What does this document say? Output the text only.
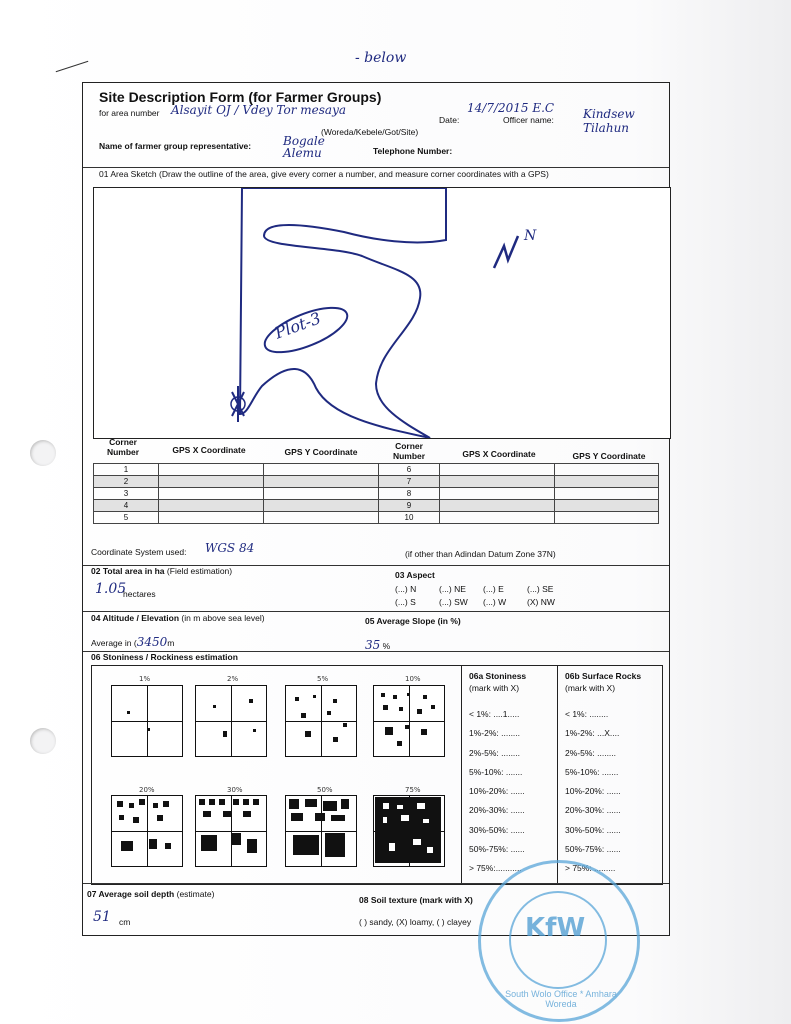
- below
Site Description Form (for Farmer Groups)
for area number Alsayit OJ / Vdey Tor mesaya
(Woreda/Kebele/Got/Site)
Date:
14/7/2015 E.C
Officer name: Kindsew Tilahun
Name of farmer group representative:	Bogale Alemu	Telephone Number:
01 Area Sketch (Draw the outline of the area, give every corner a number, and measure corner coordinates with a GPS)
Plot-3
N
Corner Number	GPS X Coordinate	GPS Y Coordinate
Corner Number	GPS X Coordinate	GPS Y Coordinate
1			6		
2			7		
3			8		
4			9		
5			10		
Coordinate System used: WGS 84	(if other than Adindan Datum Zone 37N)
02 Total area in ha (Field estimation)
1.05
hectares
03 Aspect
(...) N	(...) NE (...) E	(...) SE
(...) S	(...) SW (...) W (X) NW
04 Altitude / Elevation (in m above sea level)
Average in (3450m
05 Average Slope (in %)
35 %
06 Stoniness / Rockiness estimation
1%	2%	5%	10%
20%	30%	50%	75%
06a Stoniness
(mark with X)
06b Surface Rocks
(mark with X)
< 1%: ....1.....
1%-2%: ........
2%-5%: ........
5%-10%: .......
10%-20%: ......
20%-30%: ......
30%-50%: ......
50%-75%: ......
> 75%:...........
< 1%: ........
1%-2%: ...X....
2%-5%: ........
5%-10%: .......
10%-20%: ......
20%-30%: ......
30%-50%: ......
50%-75%: ......
> 75%: .........
07 Average soil depth (estimate)
51 cm
08 Soil texture (mark with X)
( ) sandy, (X) loamy, ( ) clayey KfW
South Wolo Office * Amhara Woreda
